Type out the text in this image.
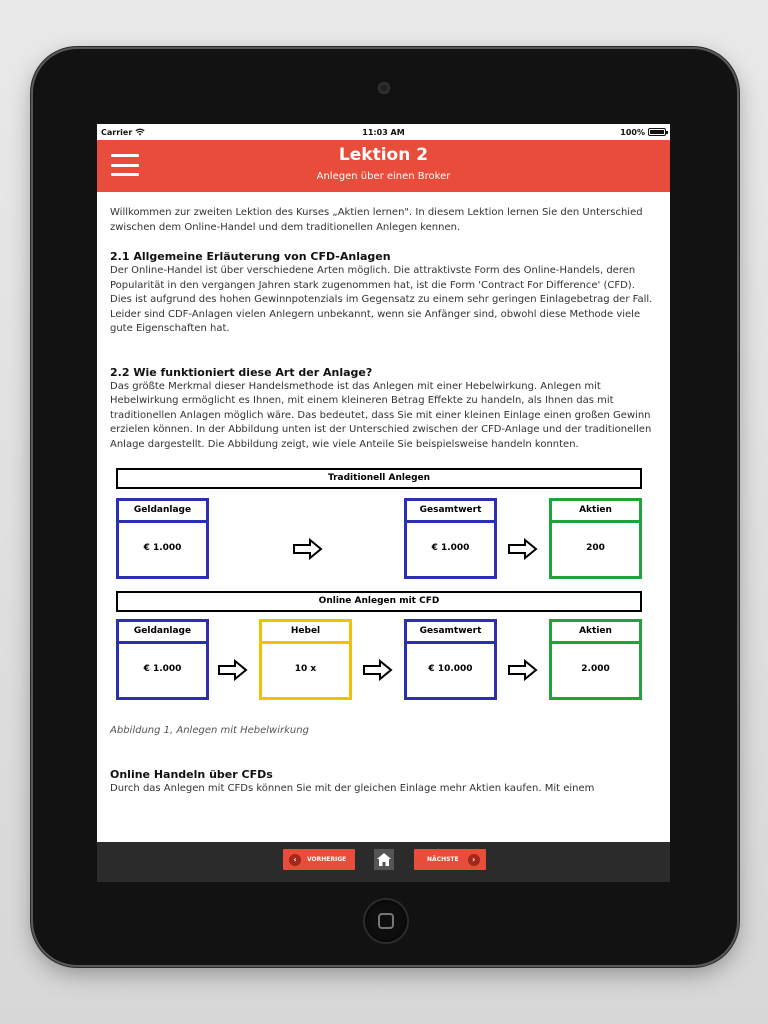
Carrier	11:03 AM	100%
Lektion 2
Anlegen über einen Broker

Willkommen zur zweiten Lektion des Kurses „Aktien lernen". In diesem Lektion lernen Sie den Unterschied zwischen dem Online-Handel und dem traditionellen Anlegen kennen.

2.1 Allgemeine Erläuterung von CFD-Anlagen

Der Online-Handel ist über verschiedene Arten möglich. Die attraktivste Form des Online-Handels, deren Popularität in den vergangen Jahren stark zugenommen hat, ist die Form 'Contract For Difference' (CFD). Dies ist aufgrund des hohen Gewinnpotenzials im Gegensatz zu einem sehr geringen Einlagebetrag der Fall. Leider sind CDF-Anlagen vielen Anlegern unbekannt, wenn sie Anfänger sind, obwohl diese Methode viele gute Eigenschaften hat.

2.2 Wie funktioniert diese Art der Anlage?

Das größte Merkmal dieser Handelsmethode ist das Anlegen mit einer Hebelwirkung. Anlegen mit Hebelwirkung ermöglicht es Ihnen, mit einem kleineren Betrag Effekte zu handeln, als Ihnen das mit traditionellen Anlagen möglich wäre. Das bedeutet, dass Sie mit einer kleinen Einlage einen großen Gewinn erzielen können. In der Abbildung unten ist der Unterschied zwischen der CFD-Anlage und der traditionellen Anlage dargestellt. Die Abbildung zeigt, wie viele Anteile Sie beispielsweise handeln konnten.

Traditionell Anlegen
Geldanlage
€ 1.000
Gesamtwert
€ 1.000
Aktien
200
Online Anlegen mit CFD
Geldanlage
€ 1.000
Hebel
10 x
Gesamtwert
€ 10.000
Aktien
2.000

Abbildung 1, Anlegen mit Hebelwirkung

Online Handeln über CFDs

Durch das Anlegen mit CFDs können Sie mit der gleichen Einlage mehr Aktien kaufen. Mit einem

‹	VORHERIGE	NÄCHSTE	›
